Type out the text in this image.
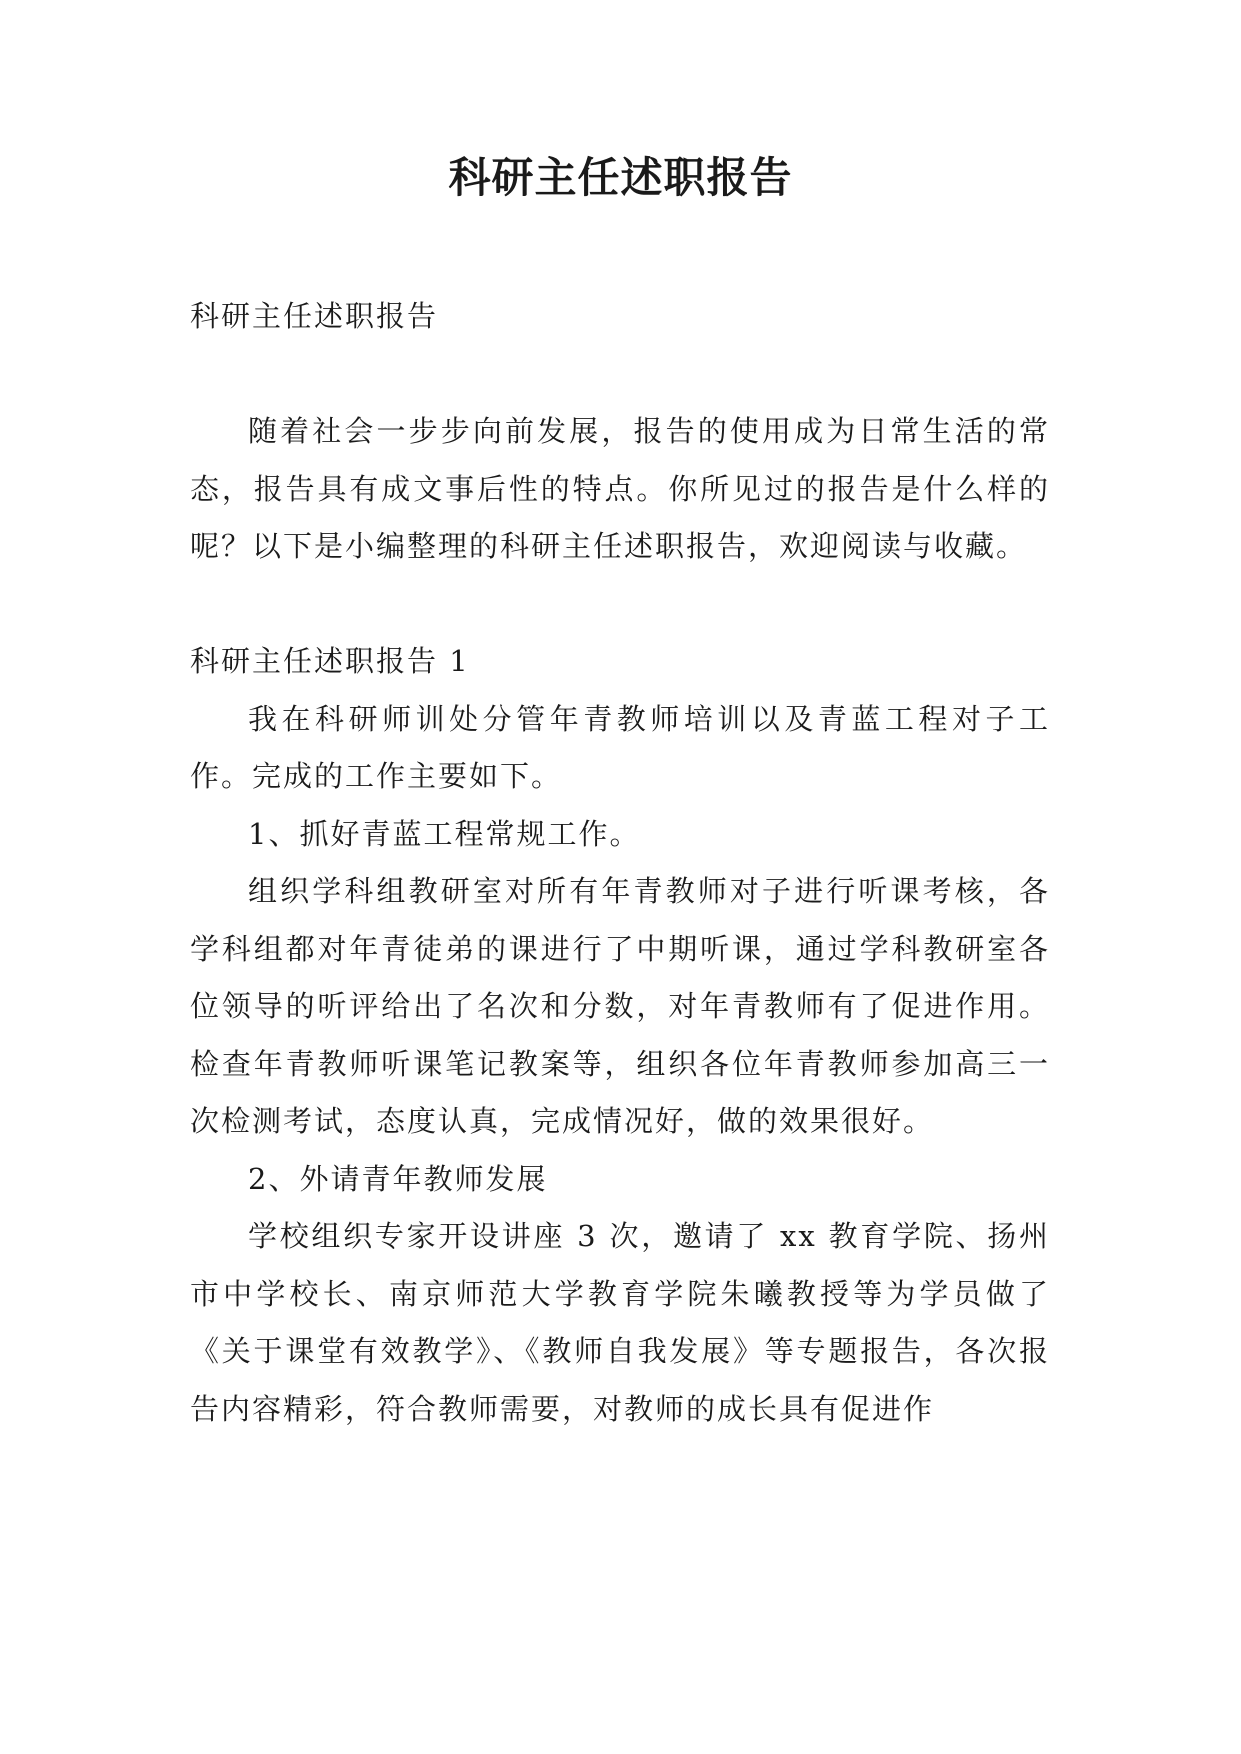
科研主任述职报告

科研主任述职报告

随着社会一步步向前发展，报告的使用成为日常生活的常态，报告具有成文事后性的特点。你所见过的报告是什么样的呢？以下是小编整理的科研主任述职报告，欢迎阅读与收藏。

科研主任述职报告 1

我在科研师训处分管年青教师培训以及青蓝工程对子工作。完成的工作主要如下。

1、抓好青蓝工程常规工作。

组织学科组教研室对所有年青教师对子进行听课考核，各学科组都对年青徒弟的课进行了中期听课，通过学科教研室各位领导的听评给出了名次和分数，对年青教师有了促进作用。检查年青教师听课笔记教案等，组织各位年青教师参加高三一次检测考试，态度认真，完成情况好，做的效果很好。

2、外请青年教师发展

学校组织专家开设讲座 3 次，邀请了 xx 教育学院、扬州市中学校长、南京师范大学教育学院朱曦教授等为学员做了《关于课堂有效教学》、《教师自我发展》等专题报告，各次报告内容精彩，符合教师需要，对教师的成长具有促进作
